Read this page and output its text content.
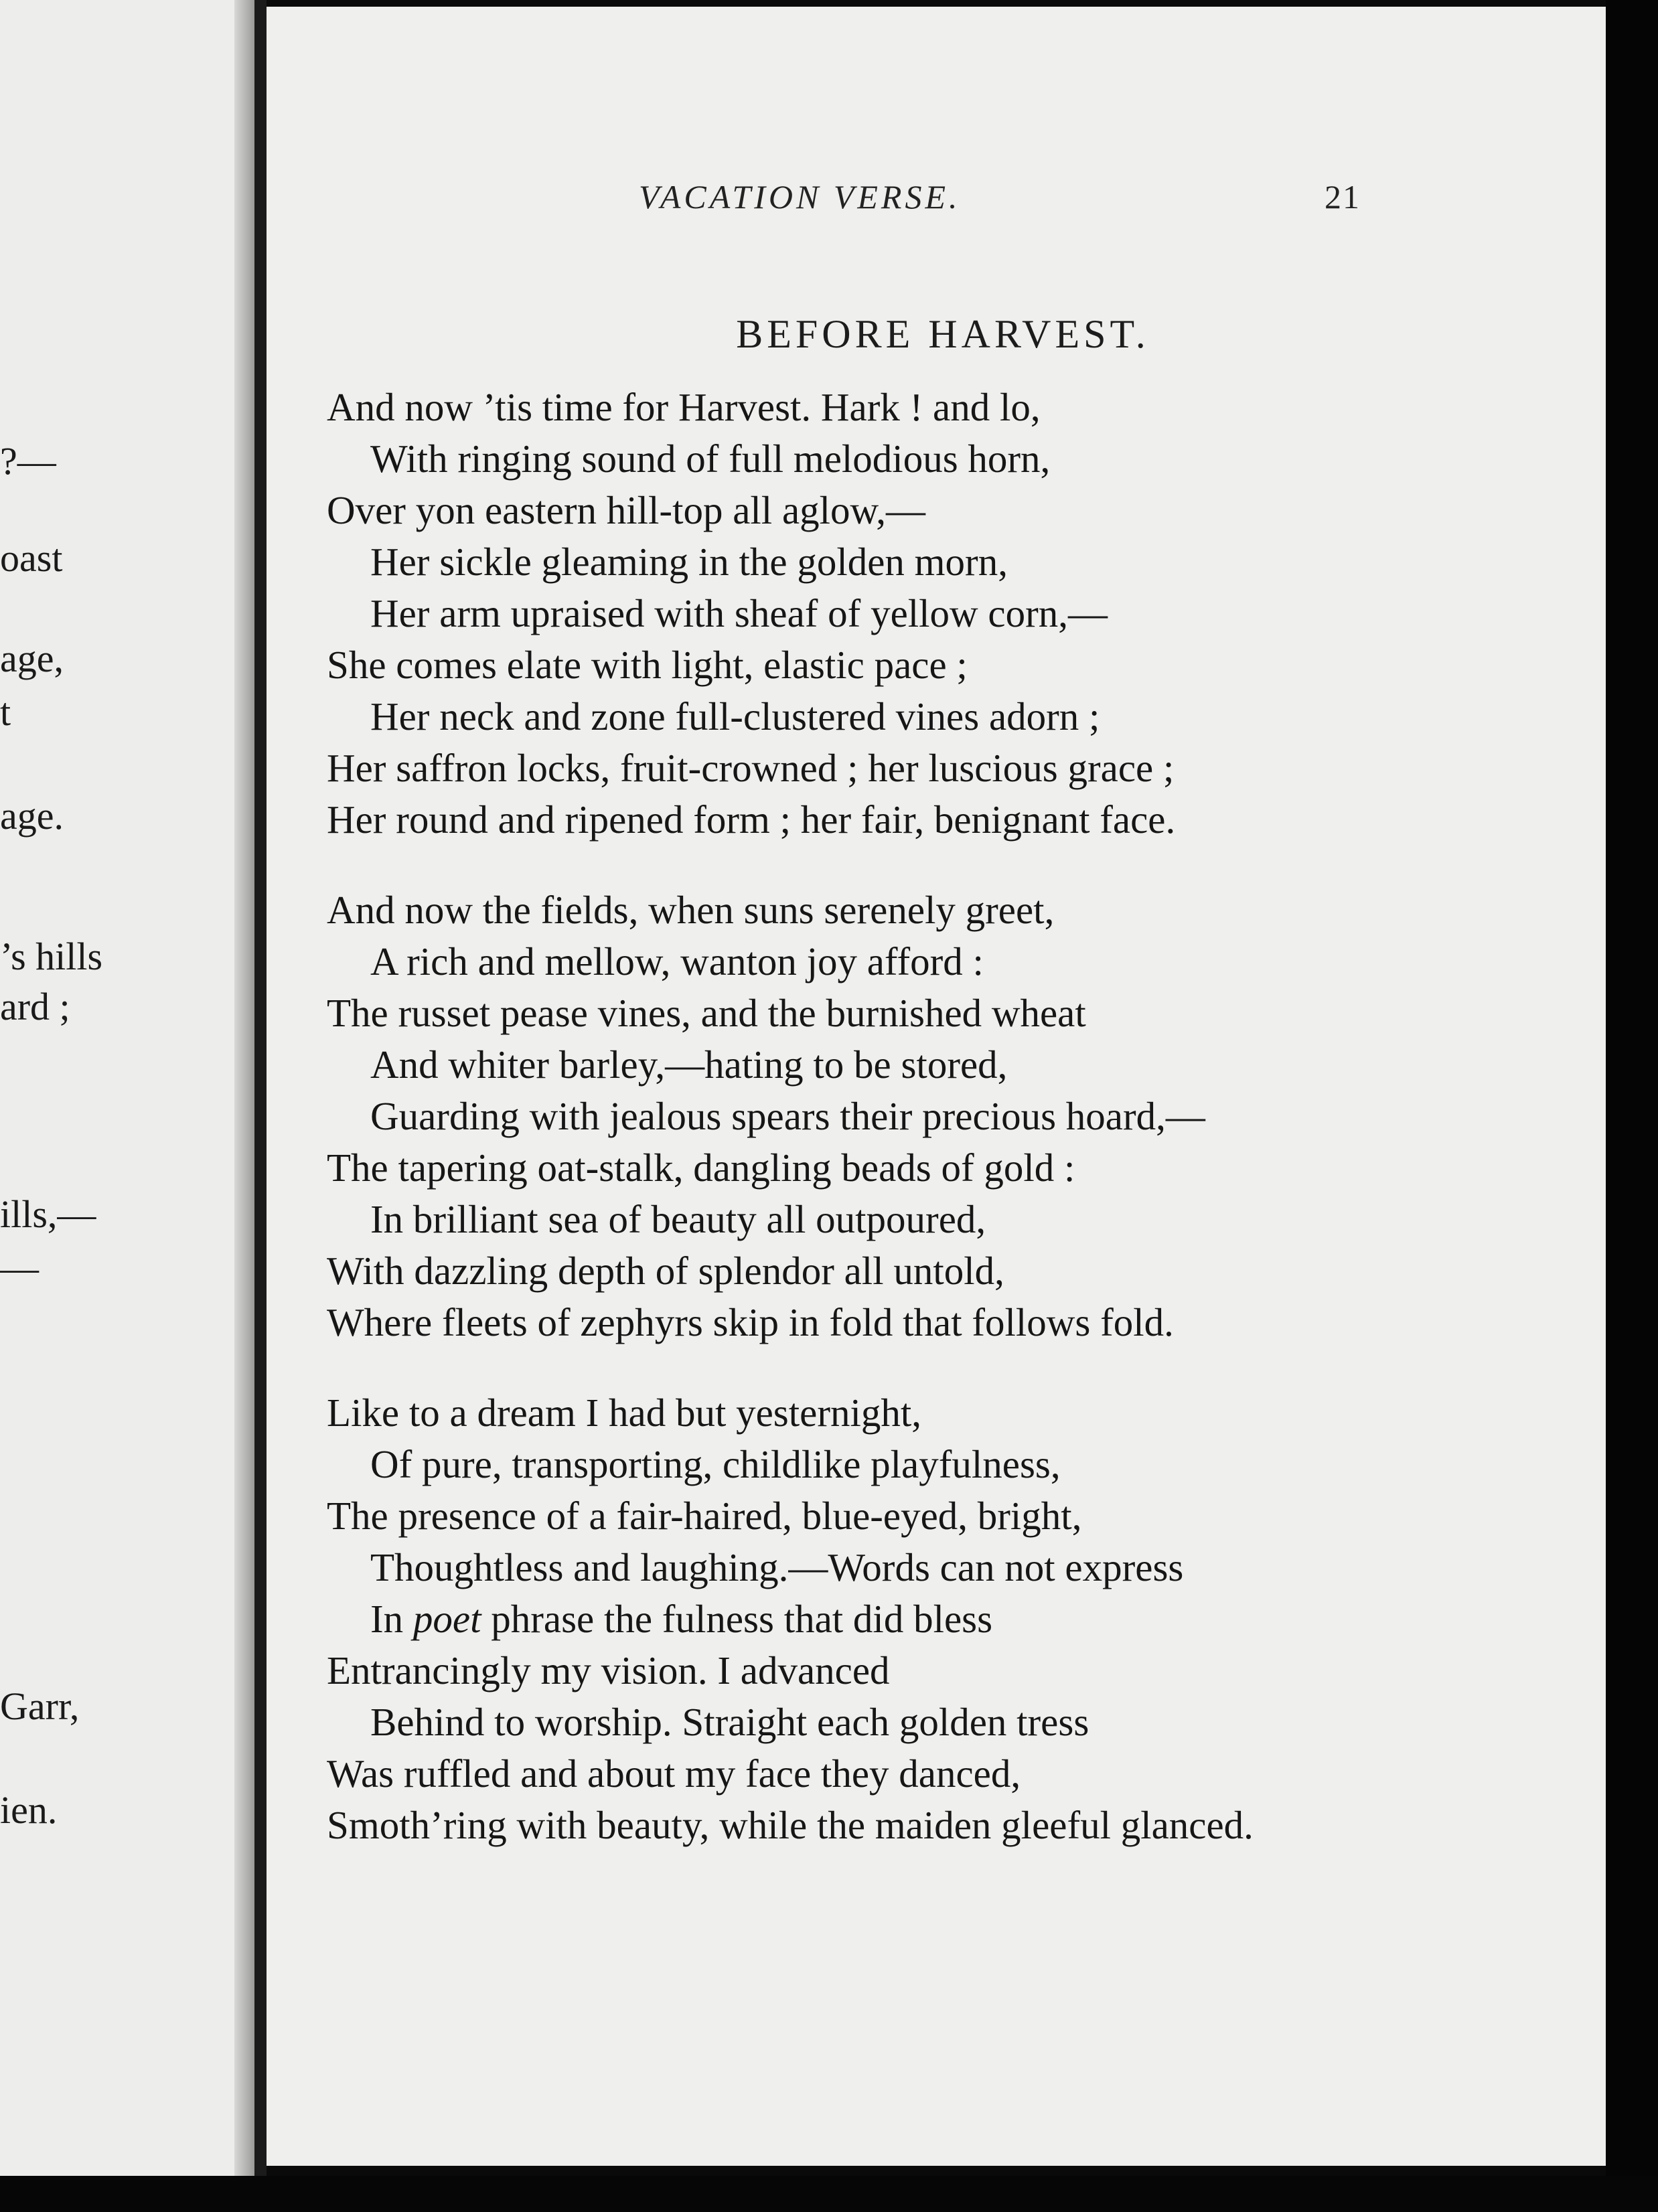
?—
oast
age,
t
age.
’s hills
ard ;
ills,—
—
Garr,
ien.
VACATION VERSE.	21
BEFORE HARVEST.
And now ’tis time for Harvest. Hark ! and lo,
With ringing sound of full melodious horn,
Over yon eastern hill-top all aglow,—
Her sickle gleaming in the golden morn,
Her arm upraised with sheaf of yellow corn,—
She comes elate with light, elastic pace ;
Her neck and zone full-clustered vines adorn ;
Her saffron locks, fruit-crowned ; her luscious grace ;
Her round and ripened form ; her fair, benignant face.
And now the fields, when suns serenely greet,
A rich and mellow, wanton joy afford :
The russet pease vines, and the burnished wheat
And whiter barley,—hating to be stored,
Guarding with jealous spears their precious hoard,—
The tapering oat-stalk, dangling beads of gold :
In brilliant sea of beauty all outpoured,
With dazzling depth of splendor all untold,
Where fleets of zephyrs skip in fold that follows fold.
Like to a dream I had but yesternight,
Of pure, transporting, childlike playfulness,
The presence of a fair-haired, blue-eyed, bright,
Thoughtless and laughing.—Words can not express
In poet phrase the fulness that did bless
Entrancingly my vision. I advanced
Behind to worship. Straight each golden tress
Was ruffled and about my face they danced,
Smoth’ring with beauty, while the maiden gleeful glanced.
